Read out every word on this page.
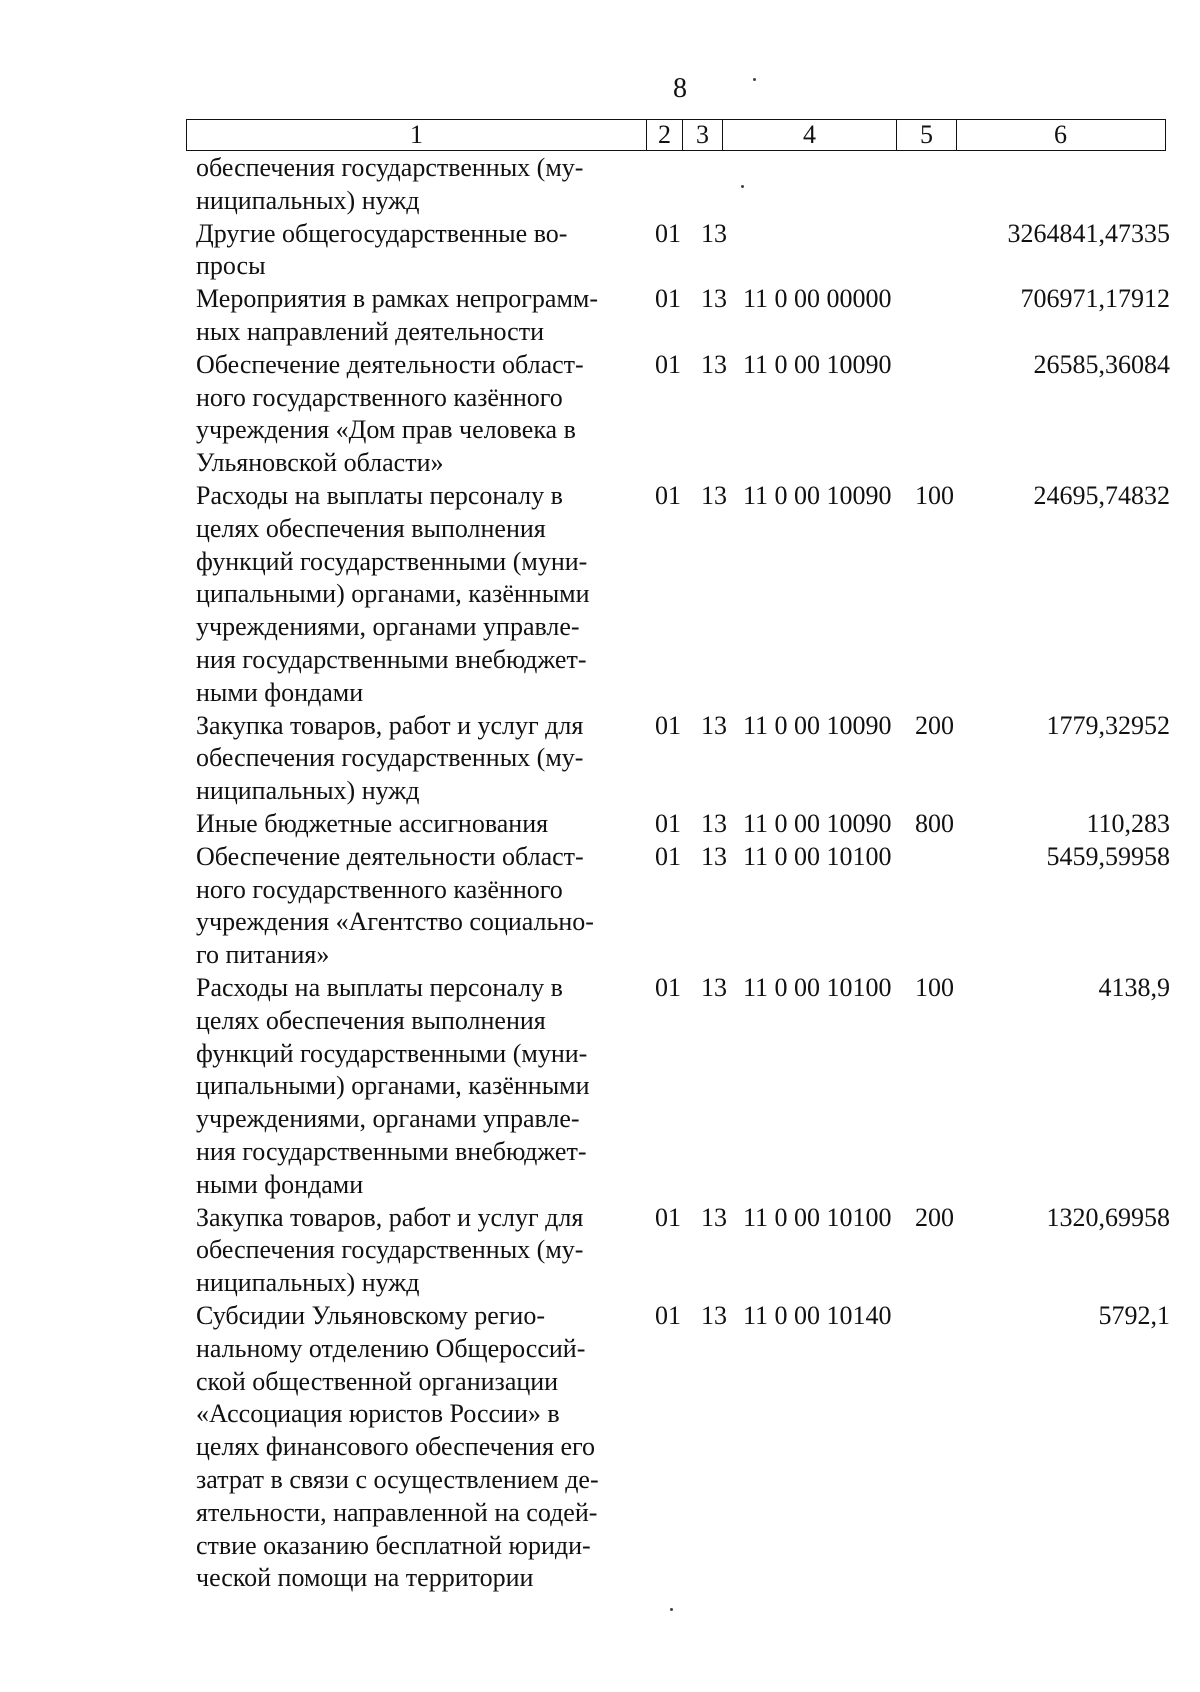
8
1	2 3	4	5	6
обеспечения государственных (му-
ниципальных) нужд
Другие общегосударственные во-
просы
01 13	3264841,47335
Мероприятия в рамках непрограмм-
ных направлений деятельности
01 13 11 0 00 00000	706971,17912
Обеспечение деятельности област-
ного государственного казённого
учреждения «Дом прав человека в
Ульяновской области»
01 13 11 0 00 10090	26585,36084
Расходы на выплаты персоналу в
целях обеспечения выполнения
функций государственными (муни-
ципальными) органами, казёнными
учреждениями, органами управле-
ния государственными внебюджет-
ными фондами
01 13 11 0 00 10090 100	24695,74832
Закупка товаров, работ и услуг для
обеспечения государственных (му-
ниципальных) нужд
01 13 11 0 00 10090 200	1779,32952
Иные бюджетные ассигнования	01 13 11 0 00 10090 800	110,283
Обеспечение деятельности област-
ного государственного казённого
учреждения «Агентство социально-
го питания»
01 13 11 0 00 10100	5459,59958
Расходы на выплаты персоналу в
целях обеспечения выполнения
функций государственными (муни-
ципальными) органами, казёнными
учреждениями, органами управле-
ния государственными внебюджет-
ными фондами
01 13 11 0 00 10100 100	4138,9
Закупка товаров, работ и услуг для
обеспечения государственных (му-
ниципальных) нужд
01 13 11 0 00 10100 200	1320,69958
Субсидии Ульяновскому регио-
нальному отделению Общероссий-
ской общественной организации
«Ассоциация юристов России» в
целях финансового обеспечения его
затрат в связи с осуществлением де-
ятельности, направленной на содей-
ствие оказанию бесплатной юриди-
ческой помощи на территории
01 13 11 0 00 10140	5792,1
